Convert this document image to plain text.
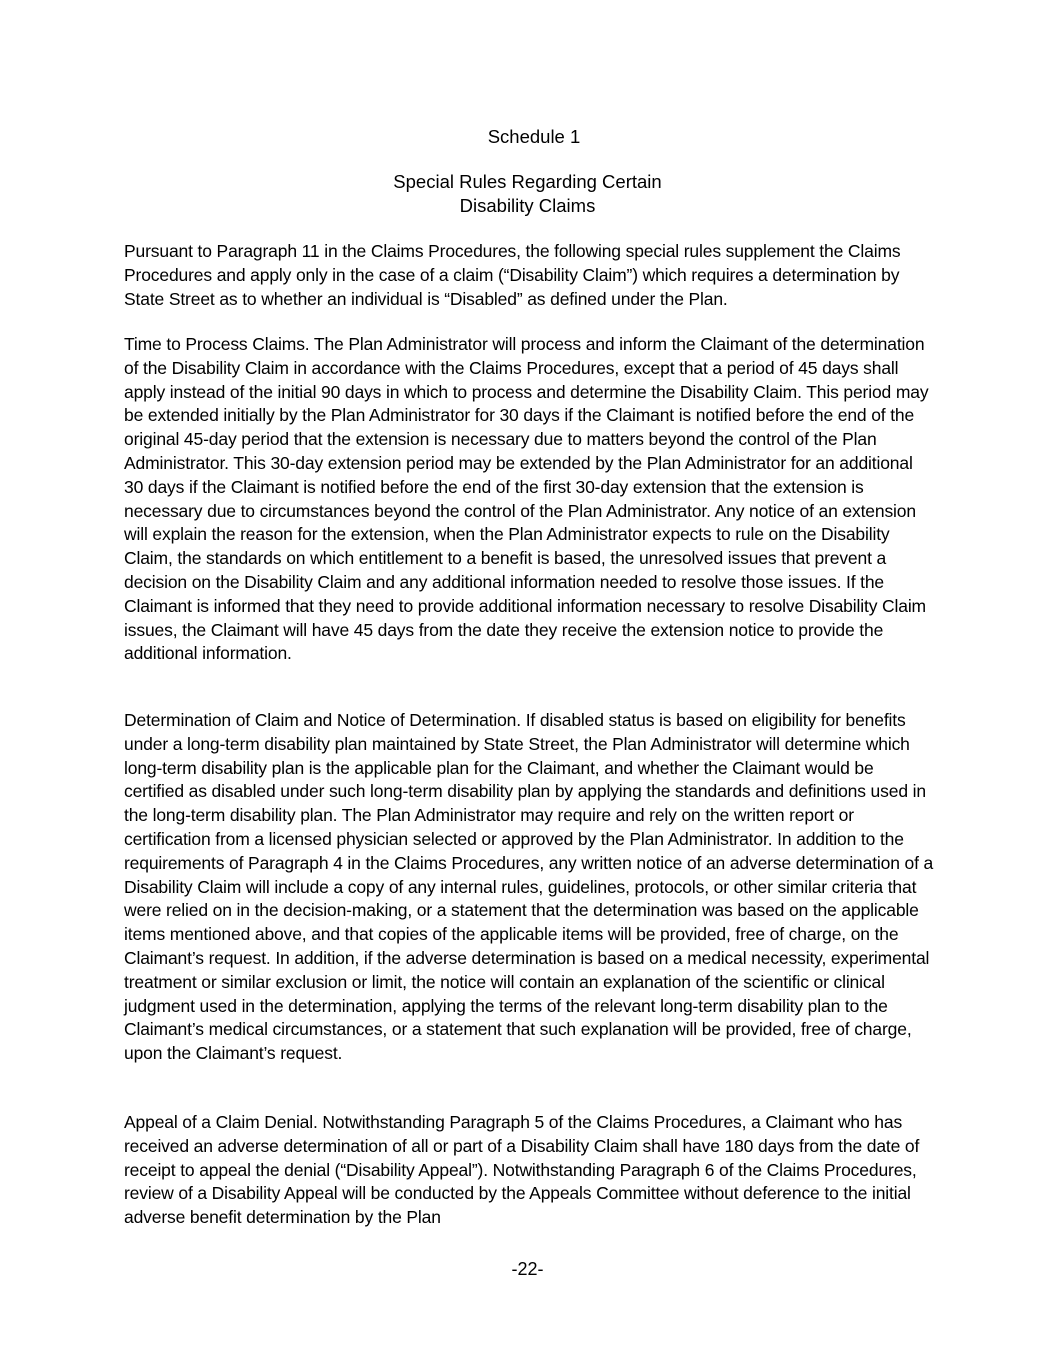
Schedule 1
Special Rules Regarding Certain
Disability Claims

Pursuant to Paragraph 11 in the Claims Procedures, the following special rules supplement the Claims Procedures and apply only in the case of a claim (“Disability Claim”) which requires a determination by State Street as to whether an individual is “Disabled” as defined under the Plan.

Time to Process Claims. The Plan Administrator will process and inform the Claimant of the determination of the Disability Claim in accordance with the Claims Procedures, except that a period of 45 days shall apply instead of the initial 90 days in which to process and determine the Disability Claim. This period may be extended initially by the Plan Administrator for 30 days if the Claimant is notified before the end of the original 45-day period that the extension is necessary due to matters beyond the control of the Plan Administrator. This 30-day extension period may be extended by the Plan Administrator for an additional 30 days if the Claimant is notified before the end of the first 30-day extension that the extension is necessary due to circumstances beyond the control of the Plan Administrator. Any notice of an extension will explain the reason for the extension, when the Plan Administrator expects to rule on the Disability Claim, the standards on which entitlement to a benefit is based, the unresolved issues that prevent a decision on the Disability Claim and any additional information needed to resolve those issues. If the Claimant is informed that they need to provide additional information necessary to resolve Disability Claim issues, the Claimant will have 45 days from the date they receive the extension notice to provide the additional information.

Determination of Claim and Notice of Determination. If disabled status is based on eligibility for benefits under a long-term disability plan maintained by State Street, the Plan Administrator will determine which long-term disability plan is the applicable plan for the Claimant, and whether the Claimant would be certified as disabled under such long-term disability plan by applying the standards and definitions used in the long-term disability plan. The Plan Administrator may require and rely on the written report or certification from a licensed physician selected or approved by the Plan Administrator. In addition to the requirements of Paragraph 4 in the Claims Procedures, any written notice of an adverse determination of a Disability Claim will include a copy of any internal rules, guidelines, protocols, or other similar criteria that were relied on in the decision-making, or a statement that the determination was based on the applicable items mentioned above, and that copies of the applicable items will be provided, free of charge, on the Claimant’s request. In addition, if the adverse determination is based on a medical necessity, experimental treatment or similar exclusion or limit, the notice will contain an explanation of the scientific or clinical judgment used in the determination, applying the terms of the relevant long-term disability plan to the Claimant’s medical circumstances, or a statement that such explanation will be provided, free of charge, upon the Claimant’s request.

Appeal of a Claim Denial. Notwithstanding Paragraph 5 of the Claims Procedures, a Claimant who has received an adverse determination of all or part of a Disability Claim shall have 180 days from the date of receipt to appeal the denial (“Disability Appeal”). Notwithstanding Paragraph 6 of the Claims Procedures, review of a Disability Appeal will be conducted by the Appeals Committee without deference to the initial adverse benefit determination by the Plan

-22-
